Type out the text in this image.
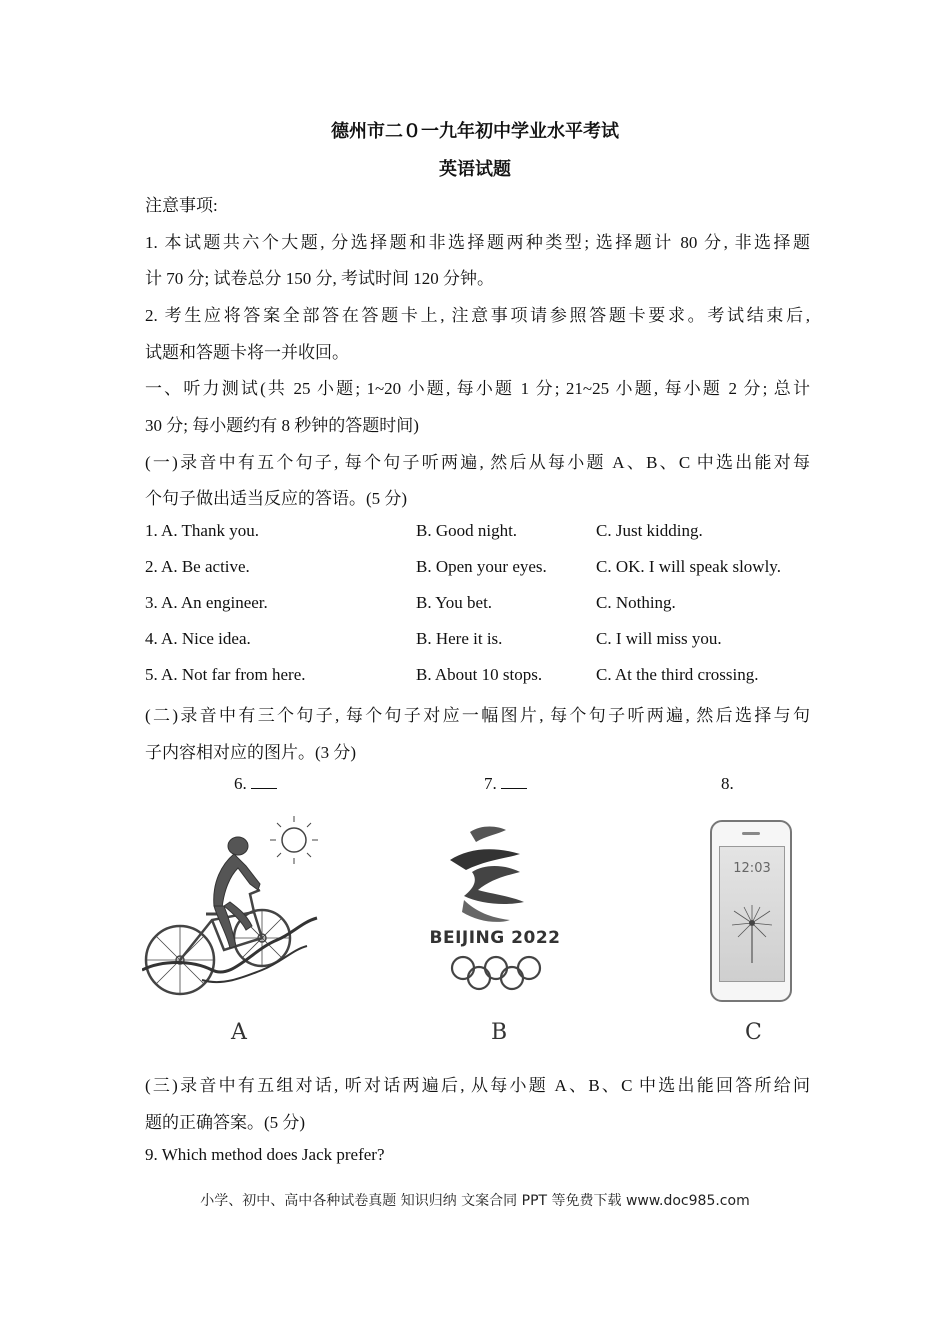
德州市二０一九年初中学业水平考试
英语试题
注意事项:
1. 本试题共六个大题, 分选择题和非选择题两种类型; 选择题计 80 分, 非选择题
计 70 分; 试卷总分 150 分, 考试时间 120 分钟。
2. 考生应将答案全部答在答题卡上, 注意事项请参照答题卡要求。考试结束后,
试题和答题卡将一并收回。
一、听力测试(共 25 小题; 1~20 小题, 每小题 1 分; 21~25 小题, 每小题 2 分; 总计
30 分; 每小题约有 8 秒钟的答题时间)
(一)录音中有五个句子, 每个句子听两遍, 然后从每小题 A、B、C 中选出能对每
个句子做出适当反应的答语。(5 分)
1. A. Thank you.	B. Good night.	C. Just kidding.
2. A. Be active.	B. Open your eyes.	C. OK. I will speak slowly.
3. A. An engineer.	B. You bet.	C. Nothing.
4. A. Nice idea.	B. Here it is.	C. I will miss you.
5. A. Not far from here.	B. About 10 stops.	C. At the third crossing.
(二)录音中有三个句子, 每个句子对应一幅图片, 每个句子听两遍, 然后选择与句
子内容相对应的图片。(3 分)
6.	7.	8.
BEIJING 2022
12:03
A	B	C
(三)录音中有五组对话, 听对话两遍后, 从每小题 A、B、C 中选出能回答所给问
题的正确答案。(5 分)
9. Which method does Jack prefer?
小学、初中、高中各种试卷真题 知识归纳 文案合同 PPT 等免费下载 www.doc985.com
